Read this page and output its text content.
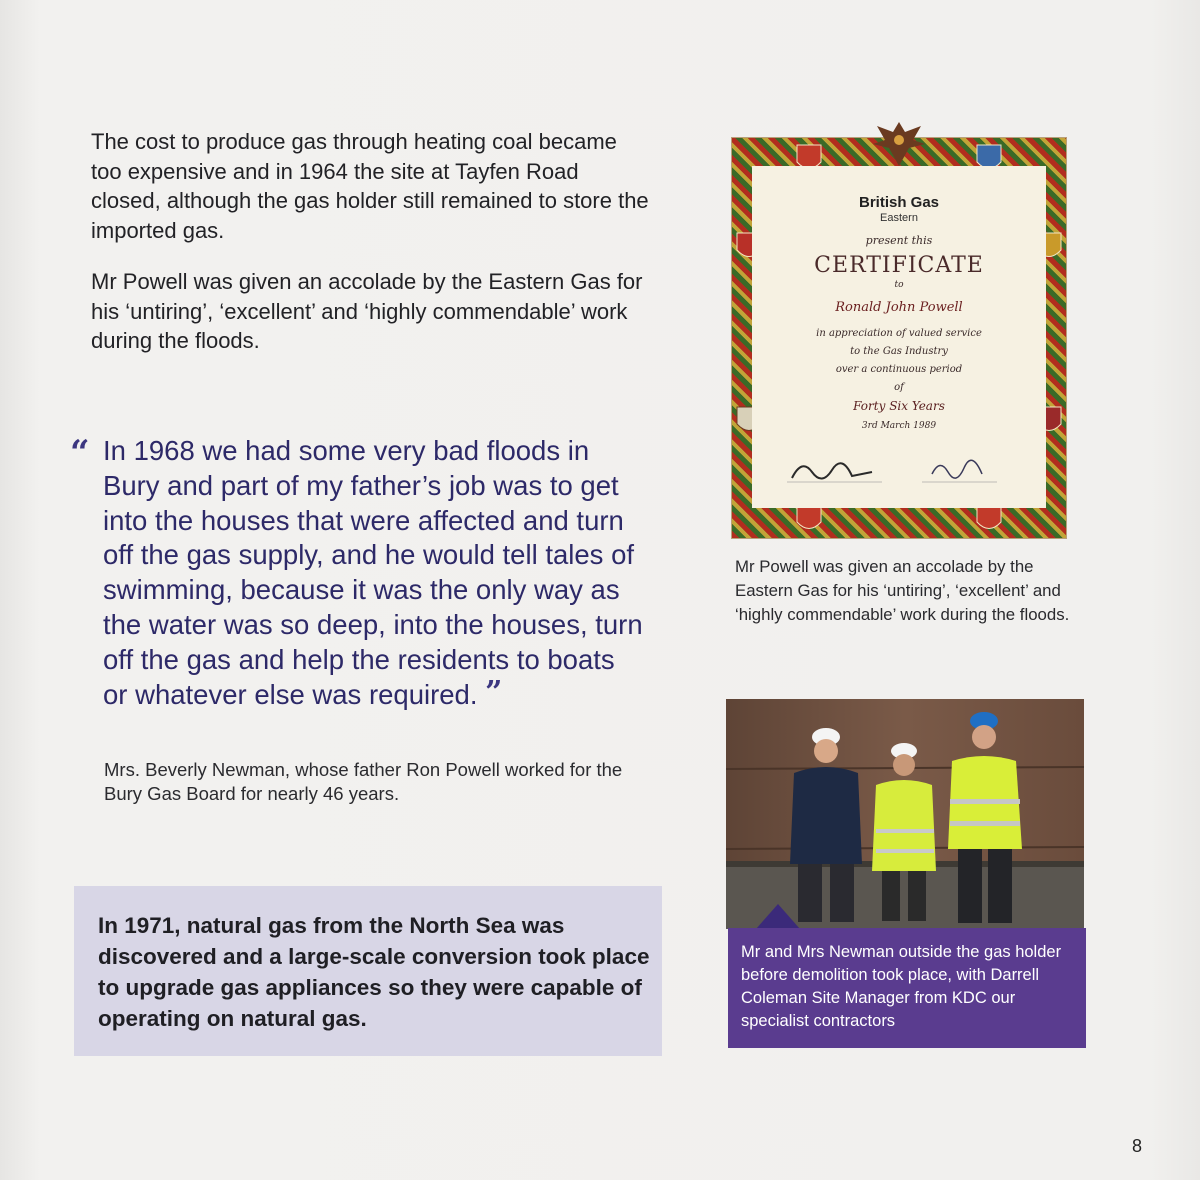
The cost to produce gas through heating coal became too expensive and in 1964 the site at Tayfen Road closed, although the gas holder still remained to store the imported gas.

Mr Powell was given an accolade by the Eastern Gas for his ‘untiring’, ‘excellent’ and ‘highly commendable’ work during the floods.

“ In 1968 we had some very bad floods in Bury and part of my father’s job was to get into the houses that were affected and turn off the gas supply, and he would tell tales of swimming, because it was the only way as the water was so deep, into the houses, turn off the gas and help the residents to boats or whatever else was required. ”

Mrs. Beverly Newman, whose father Ron Powell worked for the Bury Gas Board for nearly 46 years.

In 1971, natural gas from the North Sea was discovered and a large-scale conversion took place to upgrade gas appliances so they were capable of operating on natural gas.

British Gas
Eastern
present this
CERTIFICATE
to
Ronald John Powell
in appreciation of valued service
to the Gas Industry
over a continuous period
of
Forty Six Years
3rd March 1989

Mr Powell was given an accolade by the Eastern Gas for his ‘untiring’, ‘excellent’ and ‘highly commendable’ work during the floods.

Mr and Mrs Newman outside the gas holder before demolition took place, with Darrell Coleman Site Manager from KDC our specialist contractors

8
